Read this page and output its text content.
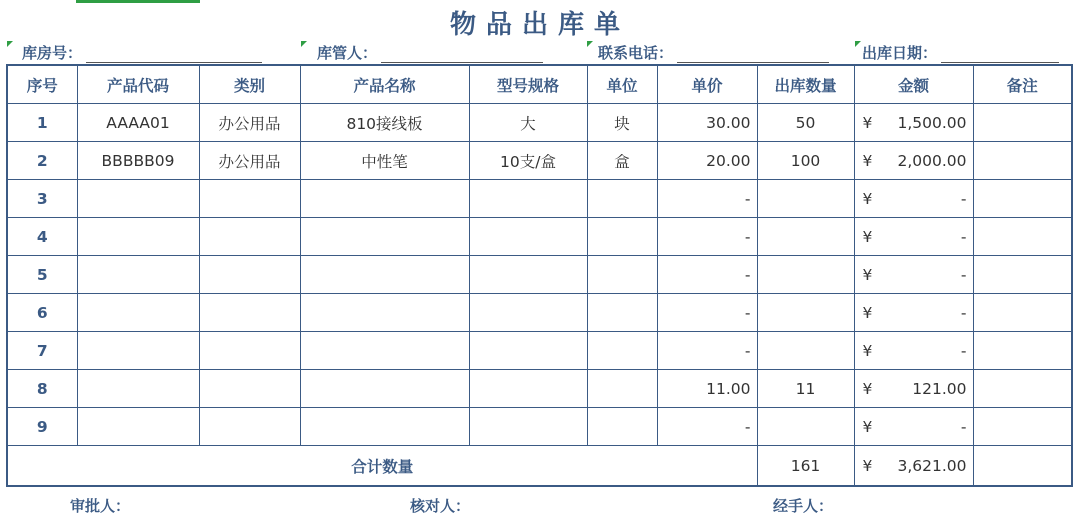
物品出库单
库房号：	库管人：	联系电话：	出库日期：
序号	产品代码	类别	产品名称	型号规格	单位	单价	出库数量	金额	备注
1	AAAA01	办公用品	810接线板	大	块	30.00	50	¥ 1,500.00	

2	BBBBB09	办公用品	中性笔	10支/盒	盒	20.00	100	¥ 2,000.00	

3						-		¥ -	

4						-		¥ -	

5						-		¥ -	

6						-		¥ -	

7						-		¥ -	

8						11.00	11	¥ 121.00	

9						-		¥ -	

合计数量							161	¥ 3,621.00	

审批人：	核对人：	经手人：
